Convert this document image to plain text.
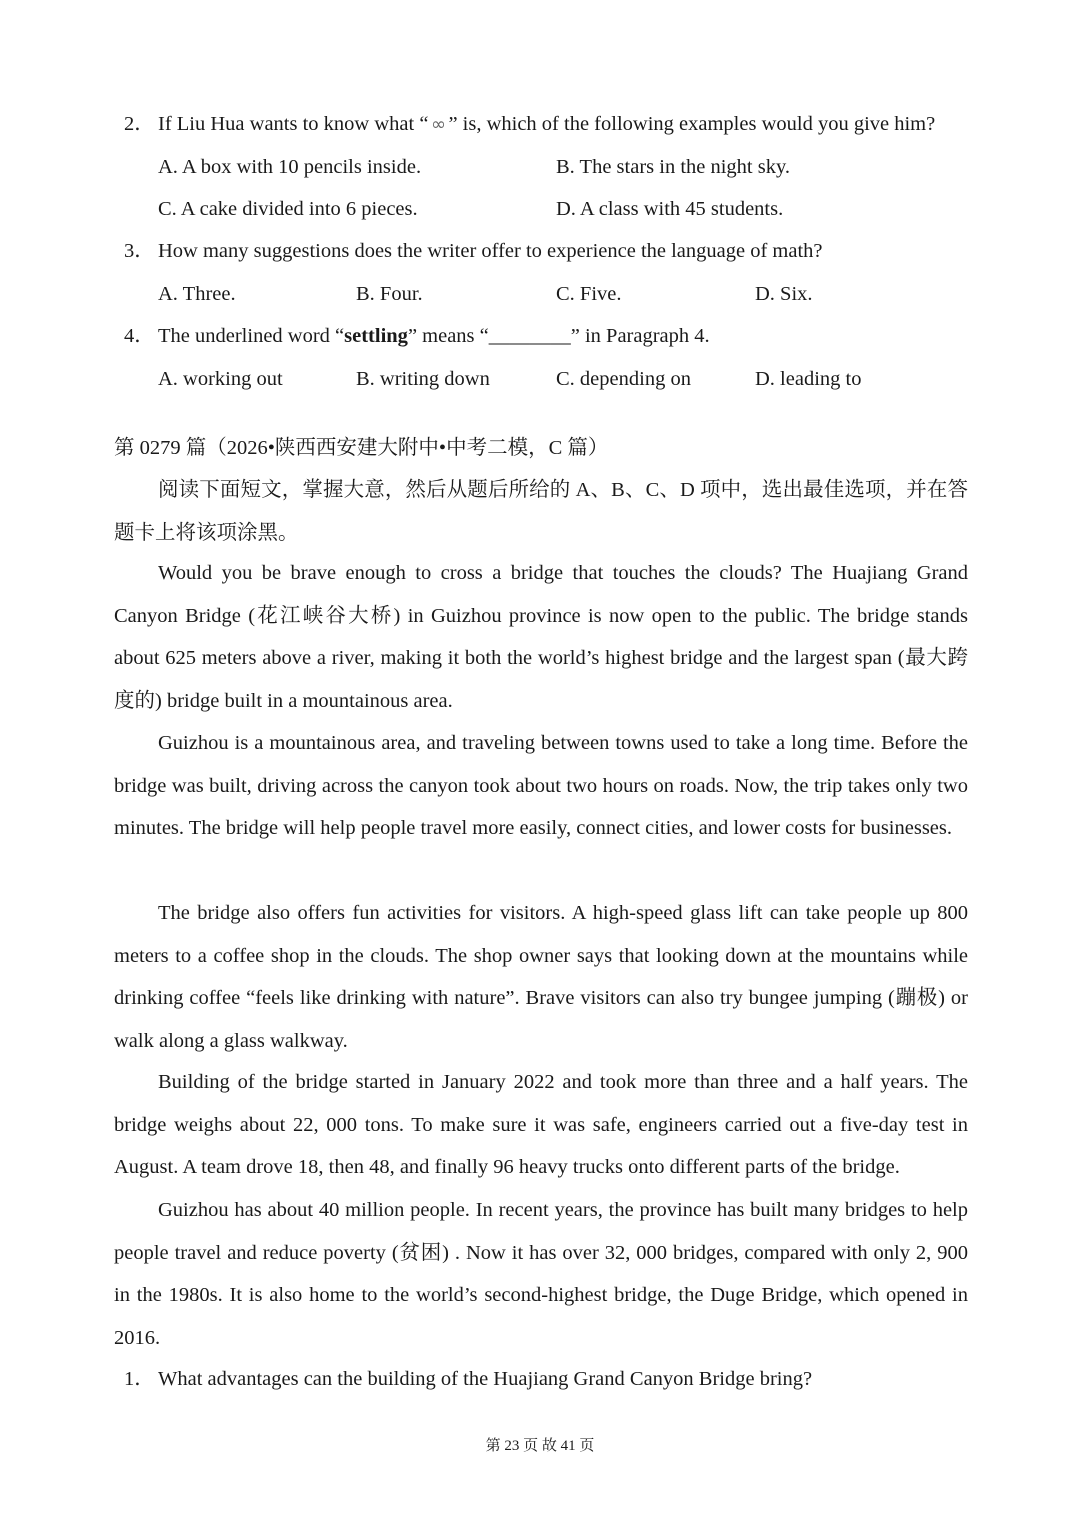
2． If Liu Hua wants to know what “ ∞ ” is, which of the following examples would you give him?
A. A box with 10 pencils inside.	B. The stars in the night sky.
C. A cake divided into 6 pieces.	D. A class with 45 students.
3． How many suggestions does the writer offer to experience the language of math?
A. Three.	B. Four.	C. Five.	D. Six.
4． The underlined word “settling” means “________” in Paragraph 4.
A. working out	B. writing down	C. depending on	D. leading to
第 0279 篇（2026•陕西西安建大附中•中考二模，C 篇）

阅读下面短文，掌握大意，然后从题后所给的 A、B、C、D 项中，选出最佳选项，并在答题卡上将该项涂黑。

Would you be brave enough to cross a bridge that touches the clouds? The Huajiang Grand Canyon Bridge (花江峡谷大桥) in Guizhou province is now open to the public. The bridge stands about 625 meters above a river, making it both the world’s highest bridge and the largest span (最大跨度的) bridge built in a mountainous area.

Guizhou is a mountainous area, and traveling between towns used to take a long time. Before the bridge was built, driving across the canyon took about two hours on roads. Now, the trip takes only two minutes. The bridge will help people travel more easily, connect cities, and lower costs for businesses.

The bridge also offers fun activities for visitors. A high-speed glass lift can take people up 800 meters to a coffee shop in the clouds. The shop owner says that looking down at the mountains while drinking coffee “feels like drinking with nature”. Brave visitors can also try bungee jumping (蹦极) or walk along a glass walkway.

Building of the bridge started in January 2022 and took more than three and a half years. The bridge weighs about 22, 000 tons. To make sure it was safe, engineers carried out a five-day test in August. A team drove 18, then 48, and finally 96 heavy trucks onto different parts of the bridge.

Guizhou has about 40 million people. In recent years, the province has built many bridges to help people travel and reduce poverty (贫困) . Now it has over 32, 000 bridges, compared with only 2, 900 in the 1980s. It is also home to the world’s second-highest bridge, the Duge Bridge, which opened in 2016.

1． What advantages can the building of the Huajiang Grand Canyon Bridge bring?
第 23 页 故 41 页
